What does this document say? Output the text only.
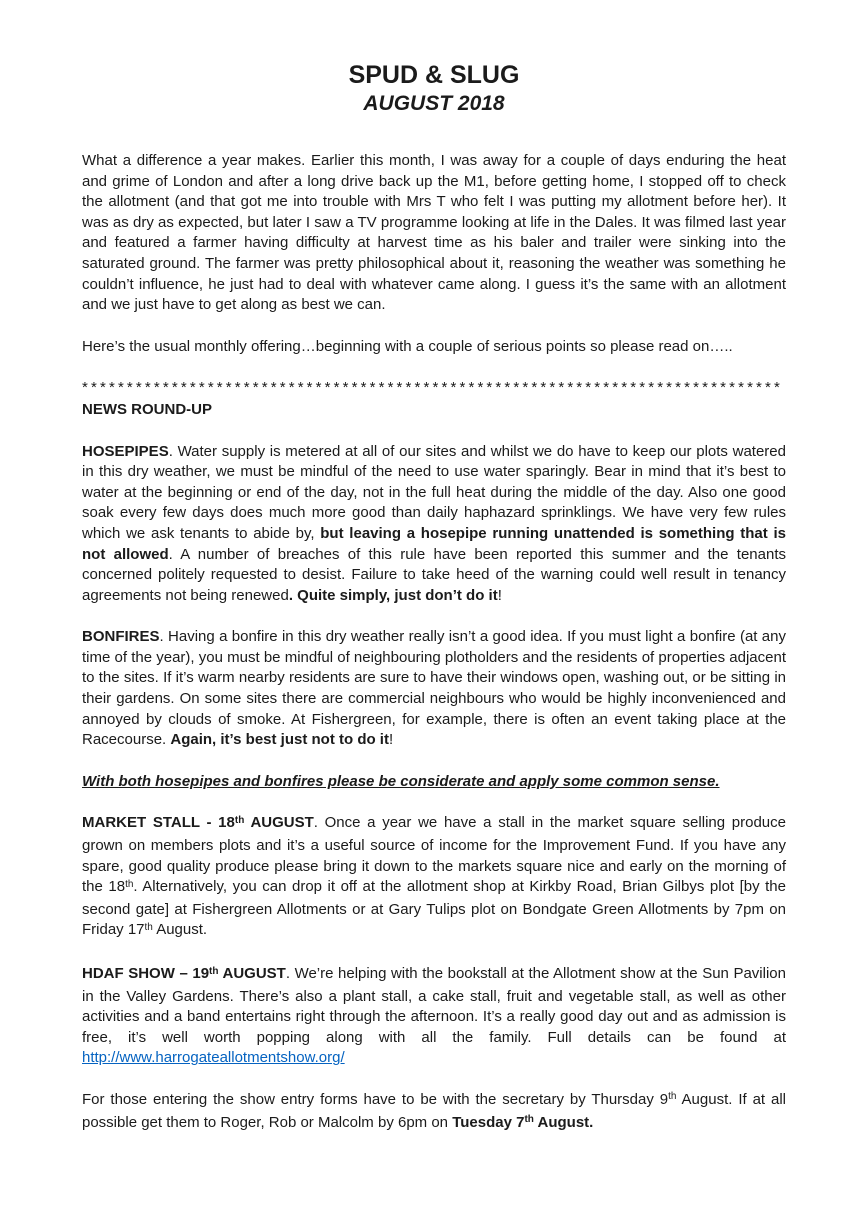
SPUD & SLUG
AUGUST 2018

What a difference a year makes. Earlier this month, I was away for a couple of days enduring the heat and grime of London and after a long drive back up the M1, before getting home, I stopped off to check the allotment (and that got me into trouble with Mrs T who felt I was putting my allotment before her). It was as dry as expected, but later I saw a TV programme looking at life in the Dales. It was filmed last year and featured a farmer having difficulty at harvest time as his baler and trailer were sinking into the saturated ground. The farmer was pretty philosophical about it, reasoning the weather was something he couldn’t influence, he just had to deal with whatever came along. I guess it’s the same with an allotment and we just have to get along as best we can.

Here’s the usual monthly offering…beginning with a couple of serious points so please read on…..

******************************************************************************

NEWS ROUND-UP

HOSEPIPES. Water supply is metered at all of our sites and whilst we do have to keep our plots watered in this dry weather, we must be mindful of the need to use water sparingly. Bear in mind that it’s best to water at the beginning or end of the day, not in the full heat during the middle of the day. Also one good soak every few days does much more good than daily haphazard sprinklings. We have very few rules which we ask tenants to abide by, but leaving a hosepipe running unattended is something that is not allowed. A number of breaches of this rule have been reported this summer and the tenants concerned politely requested to desist. Failure to take heed of the warning could well result in tenancy agreements not being renewed. Quite simply, just don’t do it!

BONFIRES. Having a bonfire in this dry weather really isn’t a good idea. If you must light a bonfire (at any time of the year), you must be mindful of neighbouring plotholders and the residents of properties adjacent to the sites. If it’s warm nearby residents are sure to have their windows open, washing out, or be sitting in their gardens. On some sites there are commercial neighbours who would be highly inconvenienced and annoyed by clouds of smoke. At Fishergreen, for example, there is often an event taking place at the Racecourse. Again, it’s best just not to do it!

With both hosepipes and bonfires please be considerate and apply some common sense.

MARKET STALL - 18th AUGUST. Once a year we have a stall in the market square selling produce grown on members plots and it’s a useful source of income for the Improvement Fund. If you have any spare, good quality produce please bring it down to the markets square nice and early on the morning of the 18th. Alternatively, you can drop it off at the allotment shop at Kirkby Road, Brian Gilbys plot [by the second gate] at Fishergreen Allotments or at Gary Tulips plot on Bondgate Green Allotments by 7pm on Friday 17th August.

HDAF SHOW – 19th AUGUST. We’re helping with the bookstall at the Allotment show at the Sun Pavilion in the Valley Gardens. There’s also a plant stall, a cake stall, fruit and vegetable stall, as well as other activities and a band entertains right through the afternoon. It’s a really good day out and as admission is free, it’s well worth popping along with all the family. Full details can be found at http://www.harrogateallotmentshow.org/

For those entering the show entry forms have to be with the secretary by Thursday 9th August. If at all possible get them to Roger, Rob or Malcolm by 6pm on Tuesday 7th August.
